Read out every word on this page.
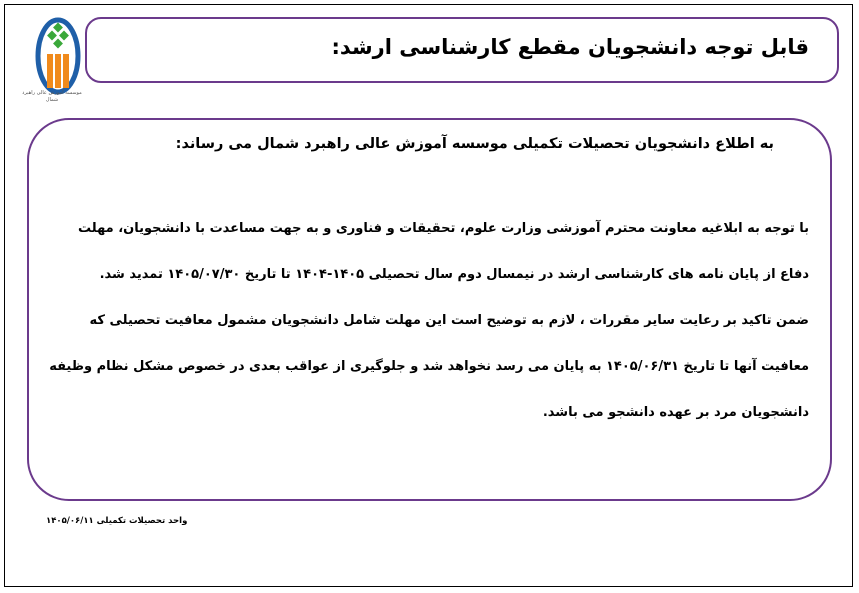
موسسه آموزش عالی راهبرد شمال
قابل توجه دانشجویان مقطع کارشناسی ارشد:
به اطلاع دانشجویان تحصیلات تکمیلی موسسه آموزش عالی راهبرد شمال می رساند:
با توجه به ابلاغیه معاونت محترم آموزشی وزارت علوم، تحقیقات و فناوری و به جهت مساعدت با دانشجویان، مهلت دفاع از پایان نامه های کارشناسی ارشد در نیمسال دوم سال تحصیلی ۱۴۰۵-۱۴۰۴ تا تاریخ ۱۴۰۵/۰۷/۳۰ تمدید شد.
ضمن تاکید بر رعایت سایر مقررات ، لازم به توضیح است این مهلت شامل دانشجویان مشمول معافیت تحصیلی که معافیت آنها تا تاریخ ۱۴۰۵/۰۶/۳۱ به پایان می رسد نخواهد شد و جلوگیری از عواقب بعدی در خصوص مشکل نظام وظیفه دانشجویان مرد بر عهده دانشجو می باشد.
واحد تحصیلات تکمیلی ۱۴۰۵/۰۶/۱۱
